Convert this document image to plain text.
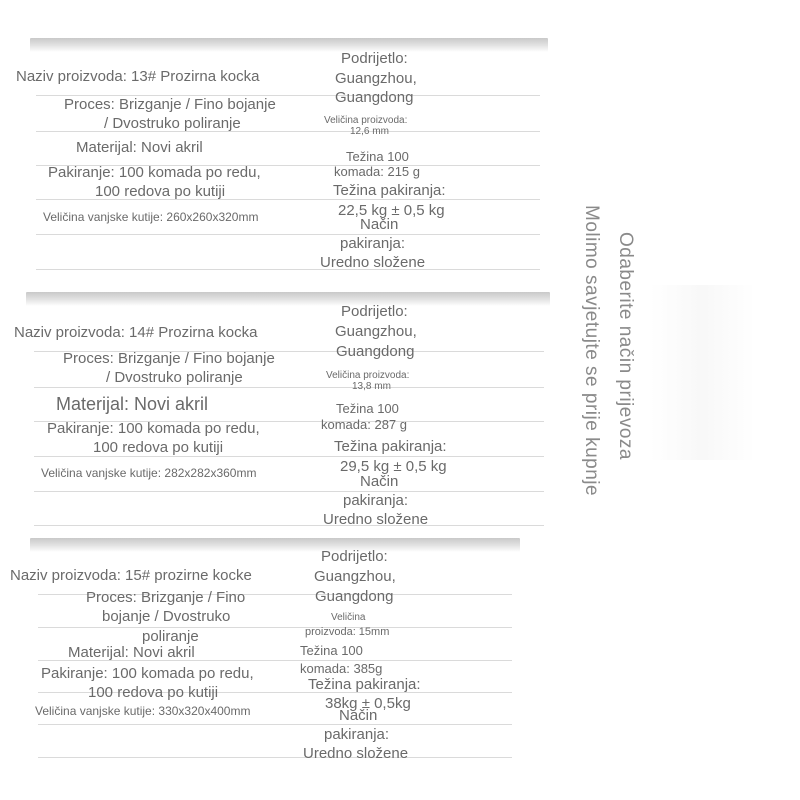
Odaberite način prijevoza
Molimo savjetujte se prije kupnje
Naziv proizvoda: 13# Prozirna kocka
Proces: Brizganje / Fino bojanje
/ Dvostruko poliranje
Materijal: Novi akril
Pakiranje: 100 komada po redu,
100 redova po kutiji
Veličina vanjske kutije: 260x260x320mm
Podrijetlo:
Guangzhou,
Guangdong
Veličina proizvoda:
12,6 mm
Težina 100
komada: 215 g
Težina pakiranja:
22,5 kg ± 0,5 kg
Način
pakiranja:
Uredno složene
Naziv proizvoda: 14# Prozirna kocka
Proces: Brizganje / Fino bojanje
/ Dvostruko poliranje
Materijal: Novi akril
Pakiranje: 100 komada po redu,
100 redova po kutiji
Veličina vanjske kutije: 282x282x360mm
Podrijetlo:
Guangzhou,
Guangdong
Veličina proizvoda:
13,8 mm
Težina 100
komada: 287 g
Težina pakiranja:
29,5 kg ± 0,5 kg
Način
pakiranja:
Uredno složene
Naziv proizvoda: 15# prozirne kocke
Proces: Brizganje / Fino
bojanje / Dvostruko
poliranje
Materijal: Novi akril
Pakiranje: 100 komada po redu,
100 redova po kutiji
Veličina vanjske kutije: 330x320x400mm
Podrijetlo:
Guangzhou,
Guangdong
Veličina
proizvoda: 15mm
Težina 100
komada: 385g
Težina pakiranja:
38kg ± 0,5kg
Način
pakiranja:
Uredno složene
